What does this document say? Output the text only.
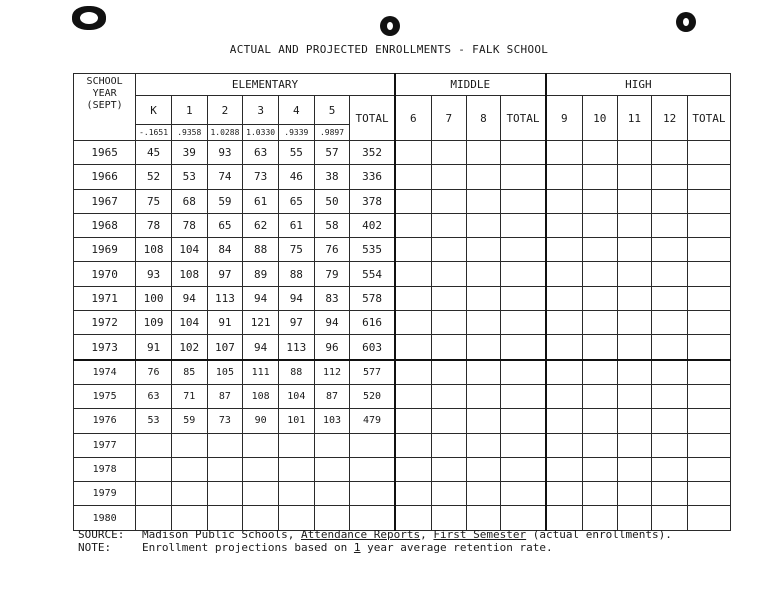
ACTUAL AND PROJECTED ENROLLMENTS - FALK SCHOOL
SCHOOL
YEAR
(SEPT)	ELEMENTARY							MIDDLE				HIGH				
	K	1	2	3	4	5	TOTAL	6	7	8	TOTAL	9	10	11	12	TOTAL
	-.1651	.9358	1.0288	1.0330	.9339	.9897										
1965	45	39	93	63	55	57	352									
1966	52	53	74	73	46	38	336									
1967	75	68	59	61	65	50	378									
1968	78	78	65	62	61	58	402									
1969	108	104	84	88	75	76	535									
1970	93	108	97	89	88	79	554									
1971	100	94	113	94	94	83	578									
1972	109	104	91	121	97	94	616									
1973	91	102	107	94	113	96	603									
1974	76	85	105	111	88	112	577									
1975	63	71	87	108	104	87	520									
1976	53	59	73	90	101	103	479									
1977																
1978																
1979																
1980																
SOURCE:	Madison Public Schools, Attendance Reports, First Semester (actual enrollments).
NOTE:	Enrollment projections based on 1 year average retention rate.
